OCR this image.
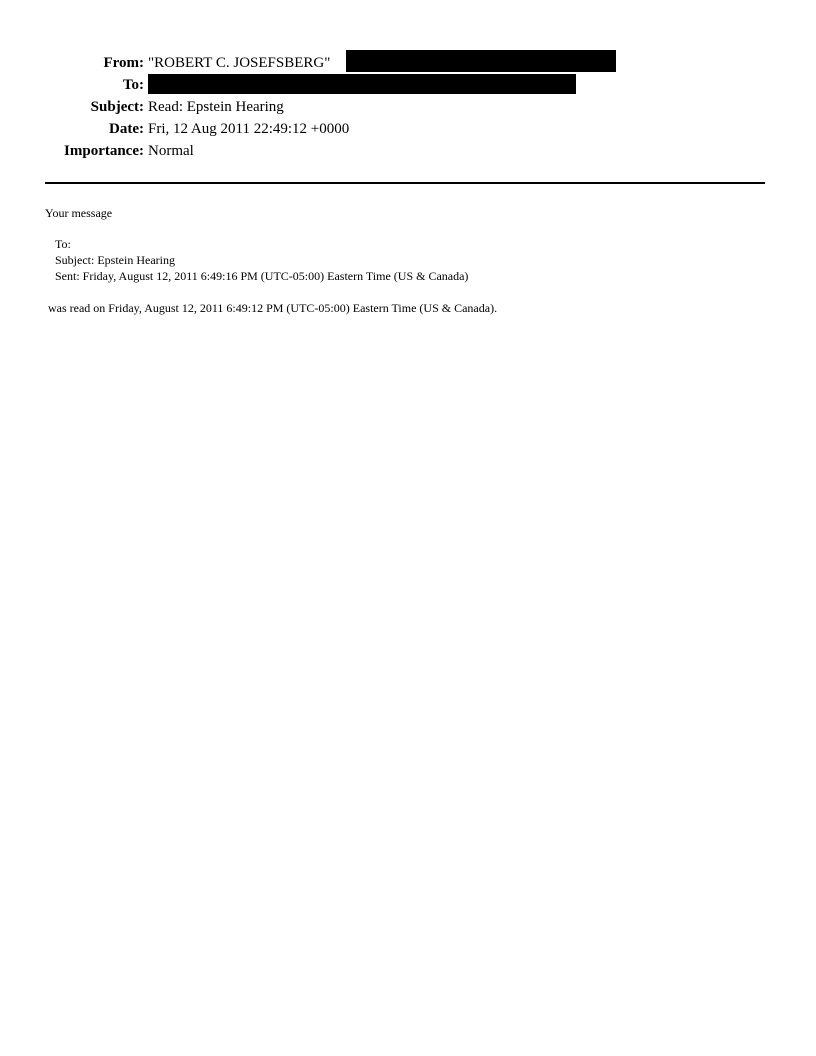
From: "ROBERT C. JOSEFSBERG"
To:
Subject: Read: Epstein Hearing
Date: Fri, 12 Aug 2011 22:49:12 +0000
Importance: Normal
Your message
To:
Subject: Epstein Hearing
Sent: Friday, August 12, 2011 6:49:16 PM (UTC-05:00) Eastern Time (US & Canada)
was read on Friday, August 12, 2011 6:49:12 PM (UTC-05:00) Eastern Time (US & Canada).
